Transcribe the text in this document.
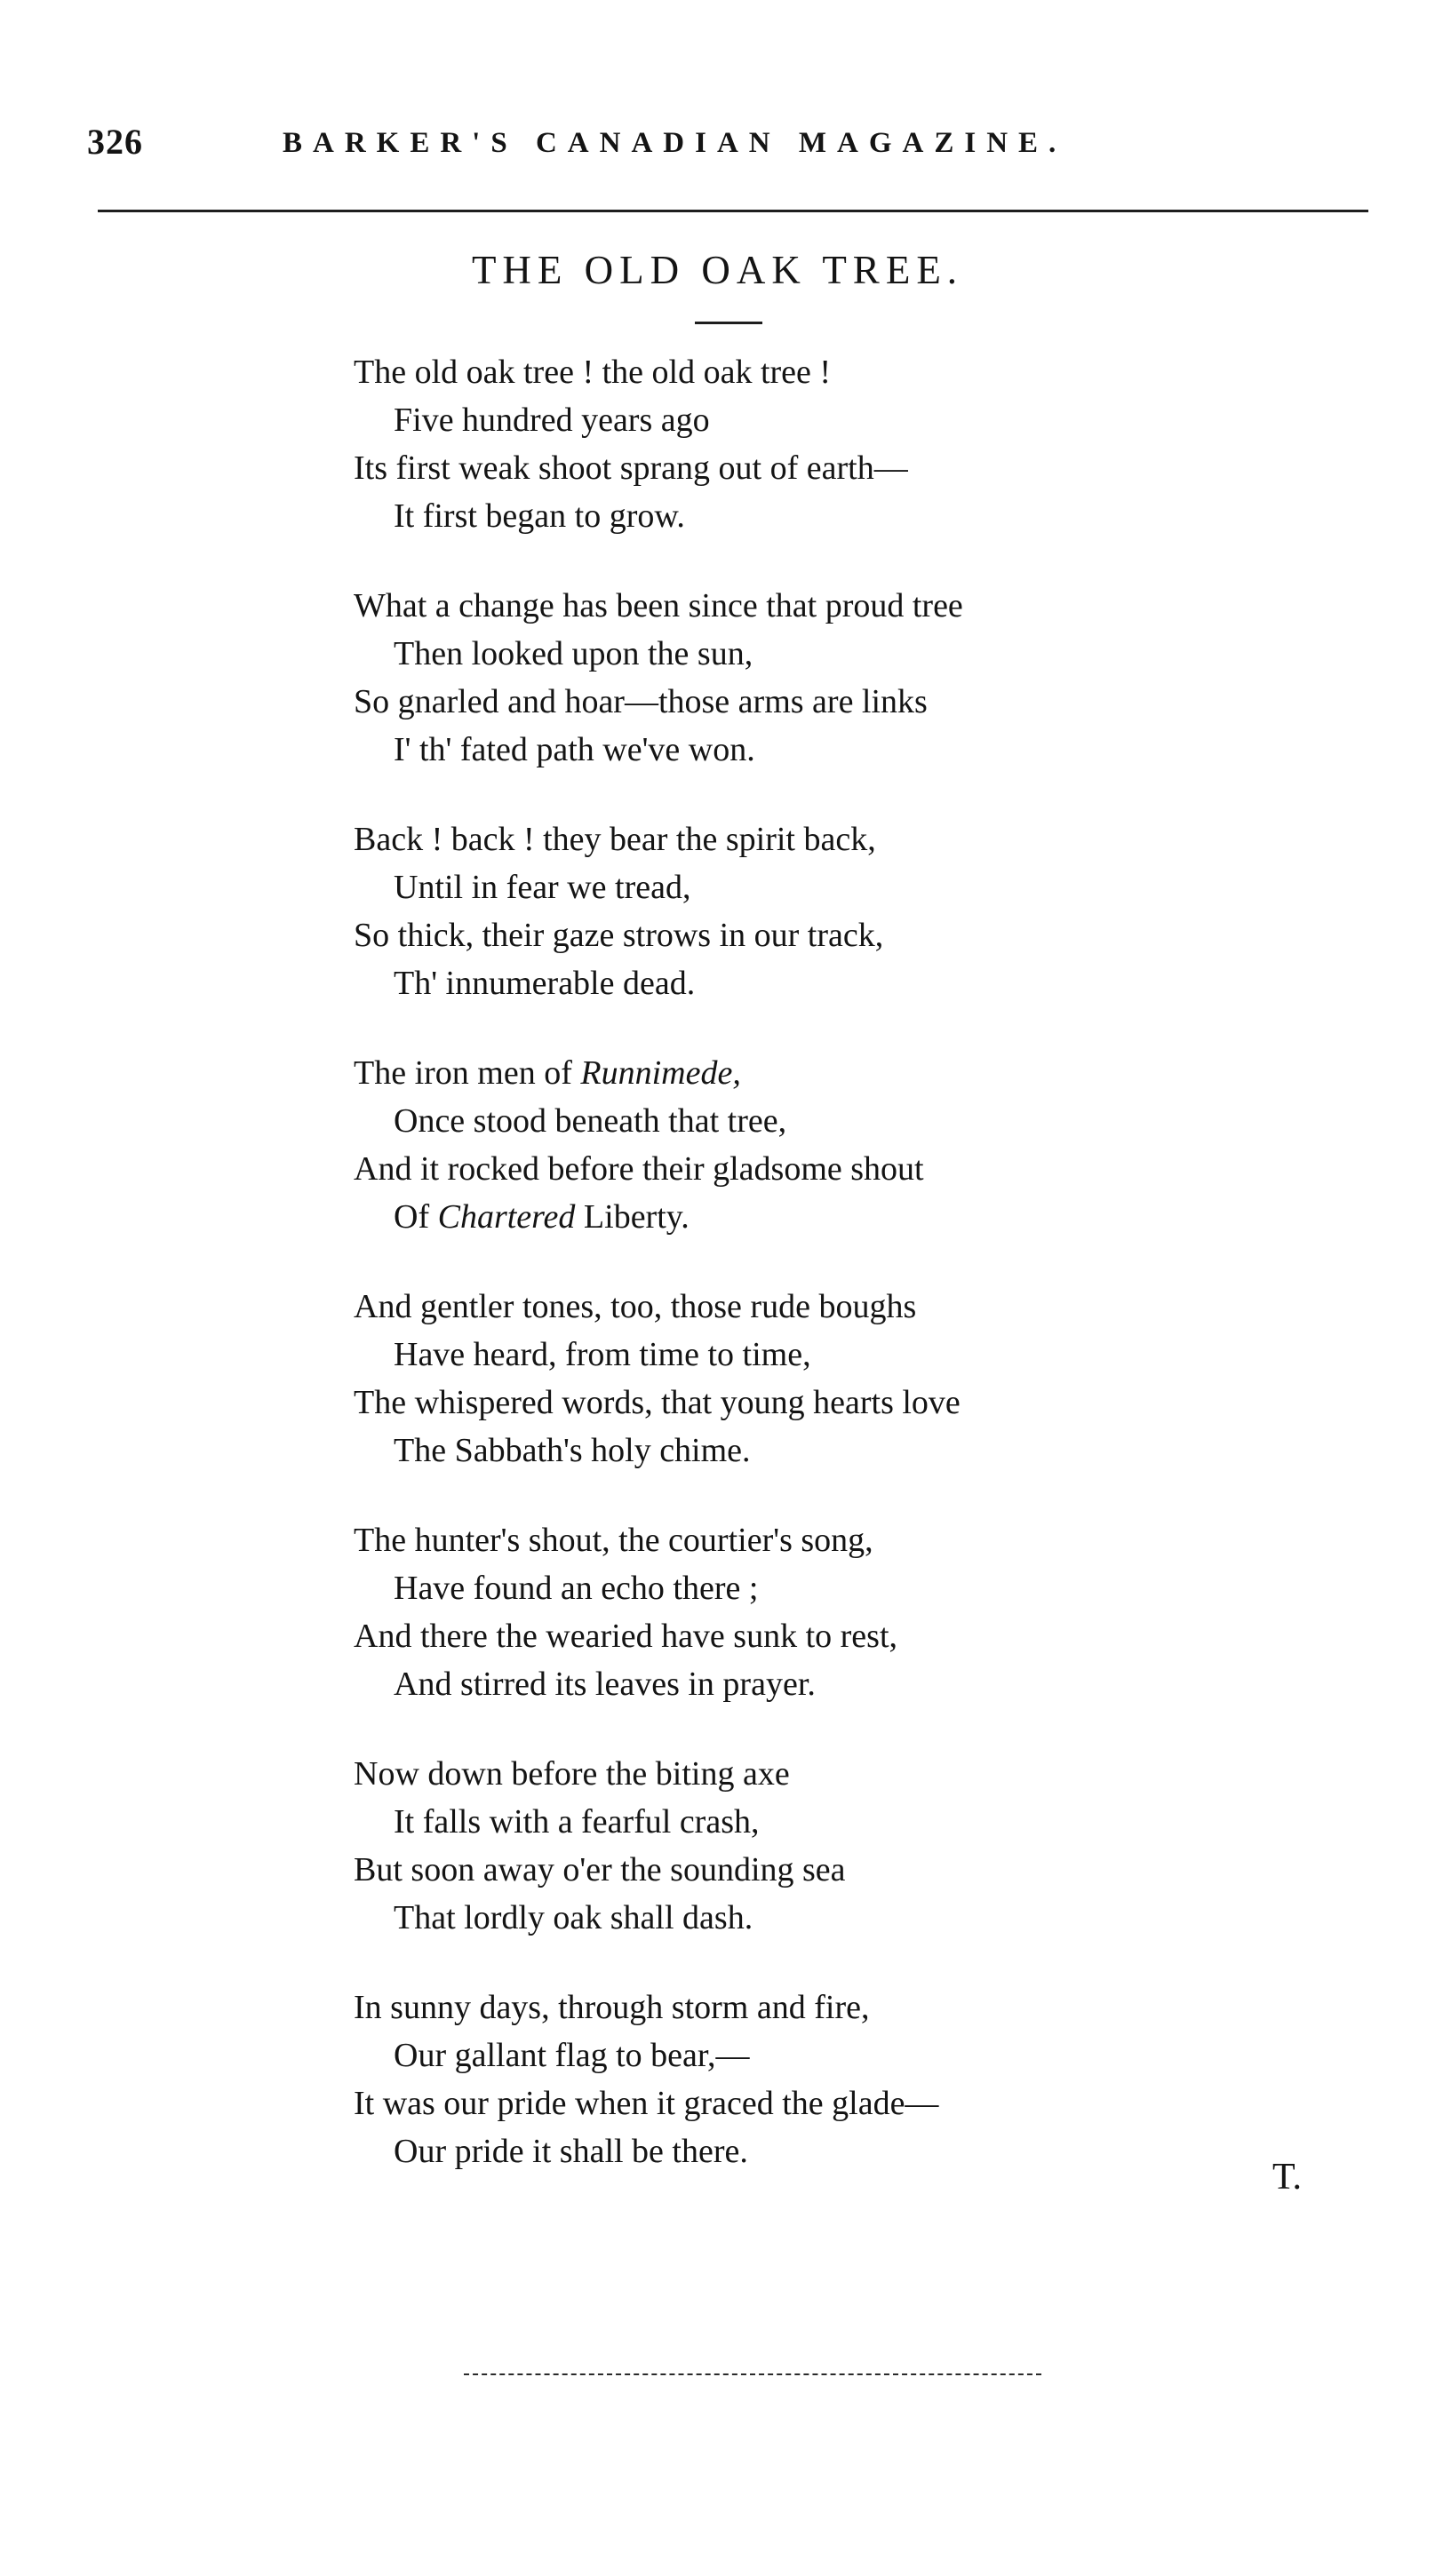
326	BARKER'S CANADIAN MAGAZINE.
THE OLD OAK TREE.
The old oak tree ! the old oak tree !
Five hundred years ago
Its first weak shoot sprang out of earth—
It first began to grow.
What a change has been since that proud tree
Then looked upon the sun,
So gnarled and hoar—those arms are links
I' th' fated path we've won.
Back ! back ! they bear the spirit back,
Until in fear we tread,
So thick, their gaze strows in our track,
Th' innumerable dead.
The iron men of Runnimede,
Once stood beneath that tree,
And it rocked before their gladsome shout
Of Chartered Liberty.
And gentler tones, too, those rude boughs
Have heard, from time to time,
The whispered words, that young hearts love
The Sabbath's holy chime.
The hunter's shout, the courtier's song,
Have found an echo there ;
And there the wearied have sunk to rest,
And stirred its leaves in prayer.
Now down before the biting axe
It falls with a fearful crash,
But soon away o'er the sounding sea
That lordly oak shall dash.
In sunny days, through storm and fire,
Our gallant flag to bear,—
It was our pride when it graced the glade—
Our pride it shall be there.
T.
